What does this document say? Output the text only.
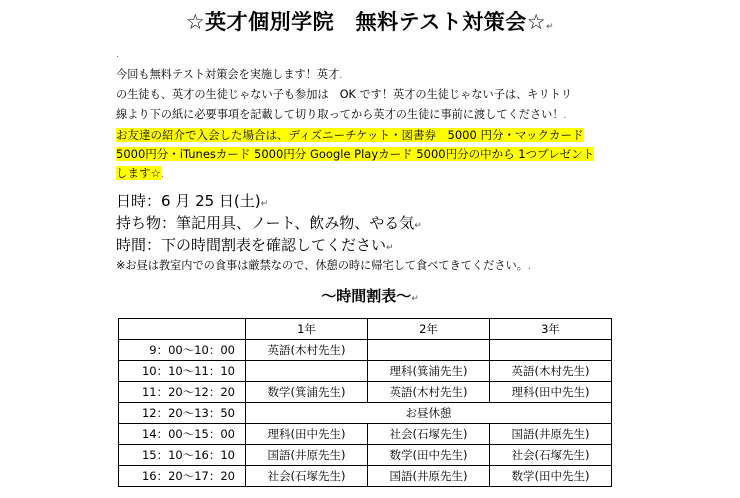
☆英才個別学院　無料テスト対策会☆↵
.
今回も無料テスト対策会を実施します！英才.
の生徒も、英才の生徒じゃない子も参加は　OK です！英才の生徒じゃない子は、キリトリ
線より下の紙に必要事項を記載して切り取ってから英才の生徒に事前に渡してください！.
お友達の紹介で入会した場合は、ディズニーチケット・図書券　5000 円分・マックカード
5000円分・iTunesカード 5000円分 Google Playカード 5000円分の中から 1つプレゼント
します☆.
日時：6 月 25 日(土)↵
持ち物：筆記用具、ノート、飲み物、やる気↵
時間：下の時間割表を確認してください↵
※お昼は教室内での食事は厳禁なので、休憩の時に帰宅して食べてきてください。.
～時間割表～↵
	1年	2年	3年
9：00～10：00	英語(木村先生)		
10：10～11：10		理科(箕浦先生)	英語(木村先生)
11：20～12：20	数学(箕浦先生)	英語(木村先生)	理科(田中先生)
12：20～13：50	お昼休憩		
14：00～15：00	理科(田中先生)	社会(石塚先生)	国語(井原先生)
15：10～16：10	国語(井原先生)	数学(田中先生)	社会(石塚先生)
16：20～17：20	社会(石塚先生)	国語(井原先生)	数学(田中先生)
